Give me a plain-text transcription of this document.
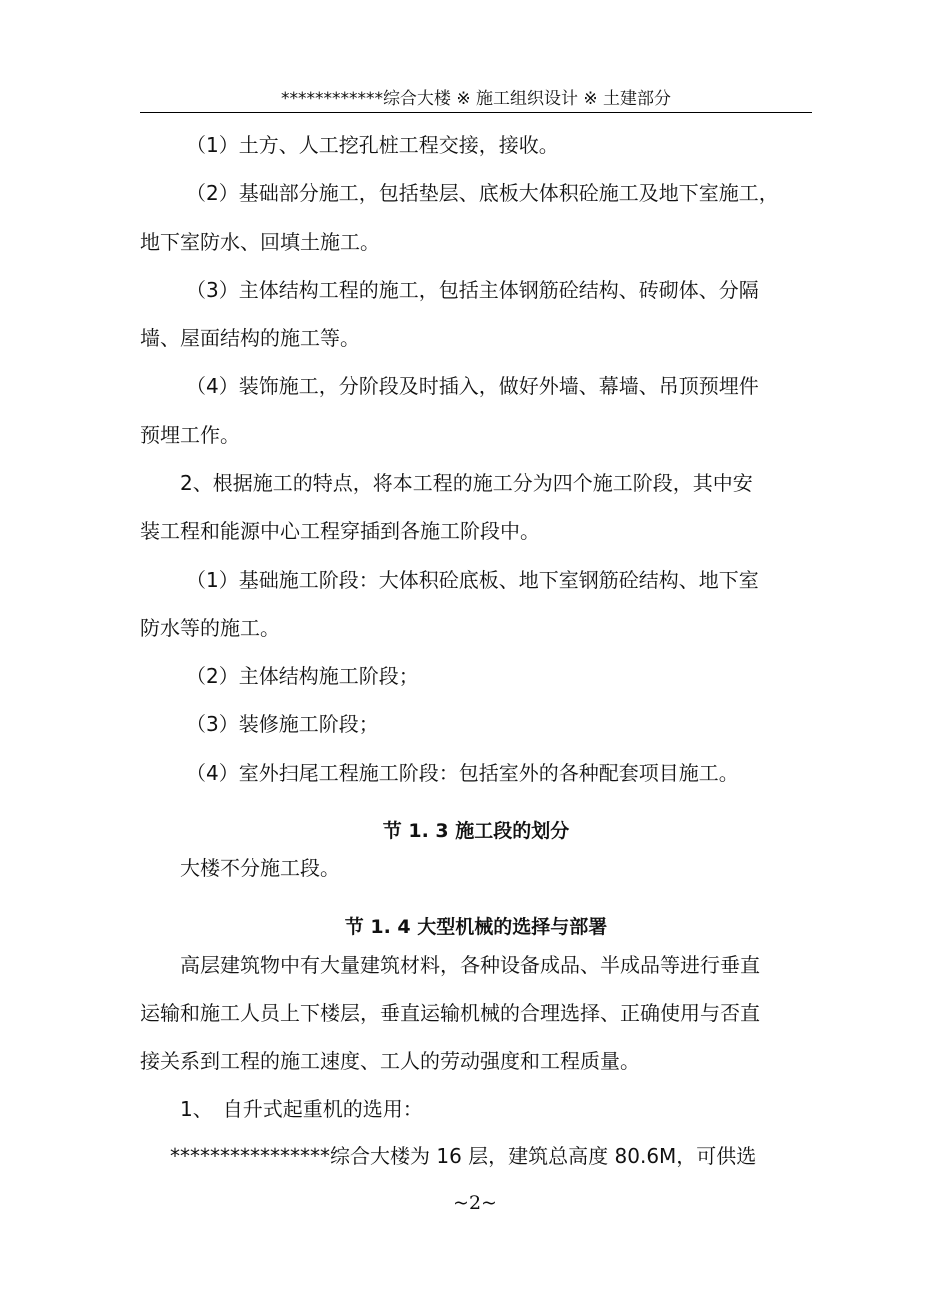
************综合大楼 ※ 施工组织设计 ※ 土建部分
（1）土方、人工挖孔桩工程交接，接收。
（2）基础部分施工，包括垫层、底板大体积砼施工及地下室施工，
地下室防水、回填土施工。
（3）主体结构工程的施工，包括主体钢筋砼结构、砖砌体、分隔
墙、屋面结构的施工等。
（4）装饰施工，分阶段及时插入，做好外墙、幕墙、吊顶预埋件
预埋工作。
2、根据施工的特点，将本工程的施工分为四个施工阶段，其中安
装工程和能源中心工程穿插到各施工阶段中。
（1）基础施工阶段：大体积砼底板、地下室钢筋砼结构、地下室
防水等的施工。
（2）主体结构施工阶段；
（3）装修施工阶段；
（4）室外扫尾工程施工阶段：包括室外的各种配套项目施工。
节 1. 3 施工段的划分
大楼不分施工段。
节 1. 4 大型机械的选择与部署
高层建筑物中有大量建筑材料，各种设备成品、半成品等进行垂直
运输和施工人员上下楼层，垂直运输机械的合理选择、正确使用与否直
接关系到工程的施工速度、工人的劳动强度和工程质量。
1、　自升式起重机的选用：
****************综合大楼为 16 层，建筑总高度 80.6M，可供选
~2~
